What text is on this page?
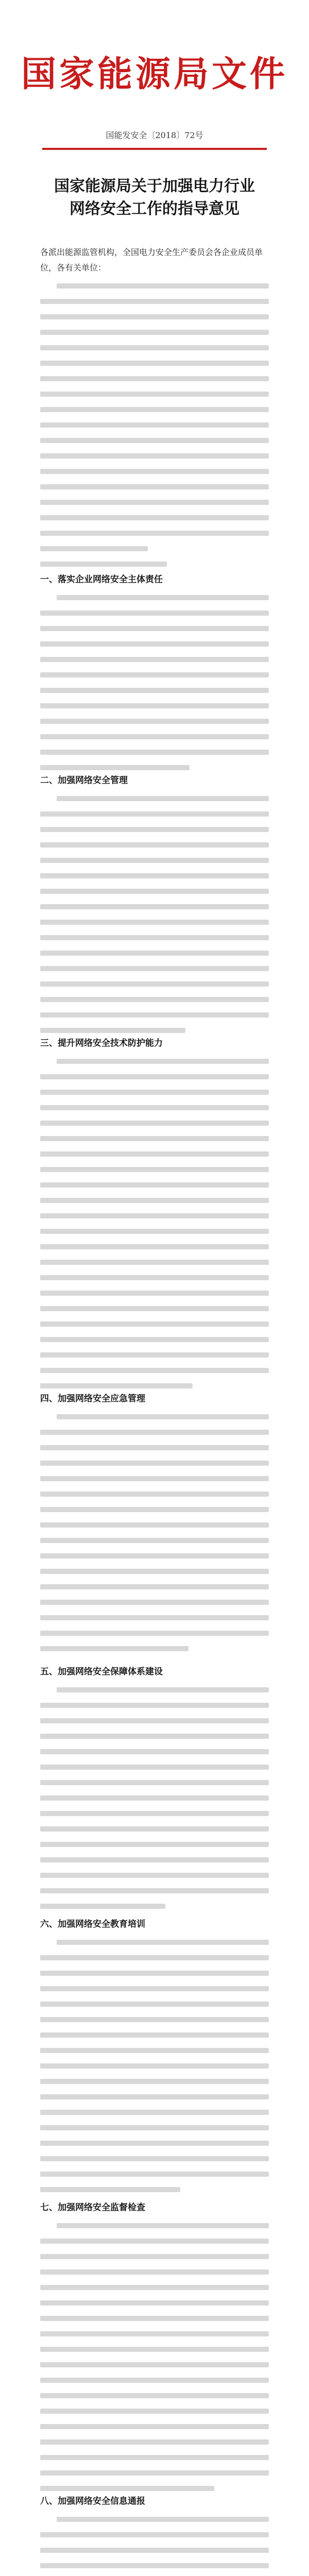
国家能源局文件
国能发安全〔2018〕72号
国家能源局关于加强电力行业
网络安全工作的指导意见
各派出能源监管机构，全国电力安全生产委员会各企业成员单位，各有关单位：
一、落实企业网络安全主体责任
二、加强网络安全管理
三、提升网络安全技术防护能力
四、加强网络安全应急管理
五、加强网络安全保障体系建设
六、加强网络安全教育培训
七、加强网络安全监督检查
八、加强网络安全信息通报
